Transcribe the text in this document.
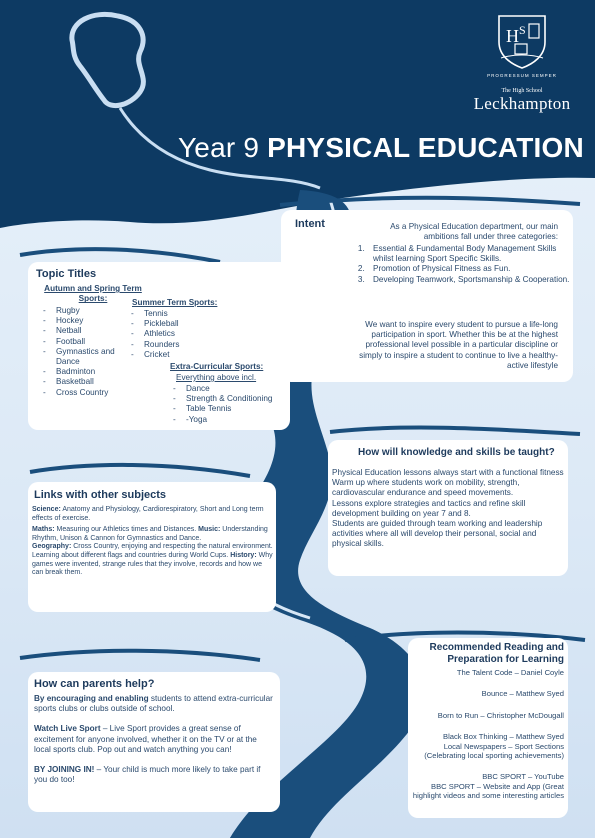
H S
PROGRESSUM SEMPER
The High School
Leckhampton
Year 9 PHYSICAL EDUCATION
Intent	As a Physical Education department, our main ambitions fall under three categories:
1. Essential & Fundamental Body Management Skills whilst learning Sport Specific Skills.
2. Promotion of Physical Fitness as Fun.
3. Developing Teamwork, Sportsmanship & Cooperation.
We want to inspire every student to pursue a life-long participation in sport. Whether this be at the highest professional level possible in a particular discipline or simply to inspire a student to continue to live a healthy-active lifestyle
Topic Titles
Autumn and Spring Term Sports:
- Rugby
- Hockey
- Netball
- Football
- Gymnastics and Dance
- Badminton
- Basketball
- Cross Country
Summer Term Sports:
- Tennis
- Pickleball
- Athletics
- Rounders
- Cricket
Extra-Curricular Sports:
Everything above incl.
- Dance
- Strength & Conditioning
- Table Tennis
- -Yoga
How will knowledge and skills be taught?
Physical Education lessons always start with a functional fitness Warm up where students work on mobility, strength, cardiovascular endurance and speed movements.
Lessons explore strategies and tactics and refine skill development building on year 7 and 8.
Students are guided through team working and leadership activities where all will develop their personal, social and physical skills.
Links with other subjects
Science: Anatomy and Physiology, Cardiorespiratory, Short and Long term effects of exercise.
Maths: Measuring our Athletics times and Distances. Music: Understanding Rhythm, Unison & Cannon for Gymnastics and Dance.
Geography: Cross Country, enjoying and respecting the natural environment. Learning about different flags and countries during World Cups. History: Why games were invented, strange rules that they involve, records and how we can break them.
Recommended Reading and Preparation for Learning
The Talent Code – Daniel Coyle
Bounce – Matthew Syed
Born to Run – Christopher McDougall
Black Box Thinking – Matthew Syed
Local Newspapers – Sport Sections (Celebrating local sporting achievements)
BBC SPORT – YouTube
BBC SPORT – Website and App (Great highlight videos and some interesting articles
How can parents help?
By encouraging and enabling students to attend extra-curricular sports clubs or clubs outside of school.
Watch Live Sport – Live Sport provides a great sense of excitement for anyone involved, whether it on the TV or at the local sports club. Pop out and watch anything you can!
BY JOINING IN! – Your child is much more likely to take part if you do too!
